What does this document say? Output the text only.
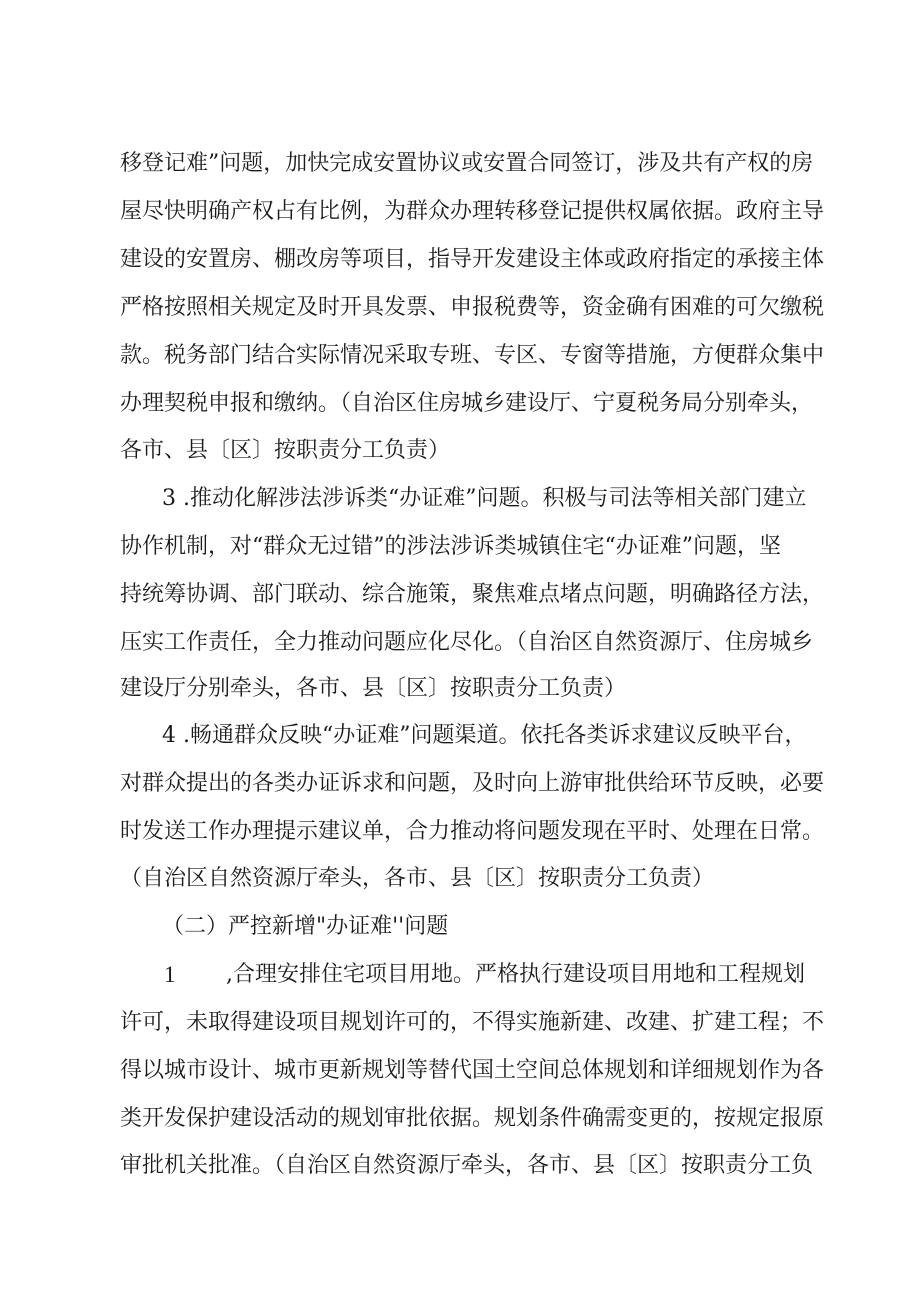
移登记难”问题，加快完成安置协议或安置合同签订，涉及共有产权的房
屋尽快明确产权占有比例，为群众办理转移登记提供权属依据。政府主导
建设的安置房、棚改房等项目，指导开发建设主体或政府指定的承接主体
严格按照相关规定及时开具发票、申报税费等，资金确有困难的可欠缴税
款。税务部门结合实际情况采取专班、专区、专窗等措施，方便群众集中
办理契税申报和缴纳。（自治区住房城乡建设厅、宁夏税务局分别牵头，
各市、县〔区〕按职责分工负责）
3 .推动化解涉法涉诉类“办证难”问题。积极与司法等相关部门建立
协作机制，对“群众无过错”的涉法涉诉类城镇住宅“办证难”问题，坚
持统筹协调、部门联动、综合施策，聚焦难点堵点问题，明确路径方法，
压实工作责任，全力推动问题应化尽化。（自治区自然资源厅、住房城乡
建设厅分别牵头，各市、县〔区〕按职责分工负责）
4 .畅通群众反映“办证难”问题渠道。依托各类诉求建议反映平台，
对群众提出的各类办证诉求和问题，及时向上游审批供给环节反映，必要
时发送工作办理提示建议单，合力推动将问题发现在平时、处理在日常。
（自治区自然资源厅牵头，各市、县〔区〕按职责分工负责）
（二）严控新增"办证难''问题
1 ,合理安排住宅项目用地。严格执行建设项目用地和工程规划
许可，未取得建设项目规划许可的，不得实施新建、改建、扩建工程；不
得以城市设计、城市更新规划等替代国土空间总体规划和详细规划作为各
类开发保护建设活动的规划审批依据。规划条件确需变更的，按规定报原
审批机关批准。（自治区自然资源厅牵头，各市、县〔区〕按职责分工负
